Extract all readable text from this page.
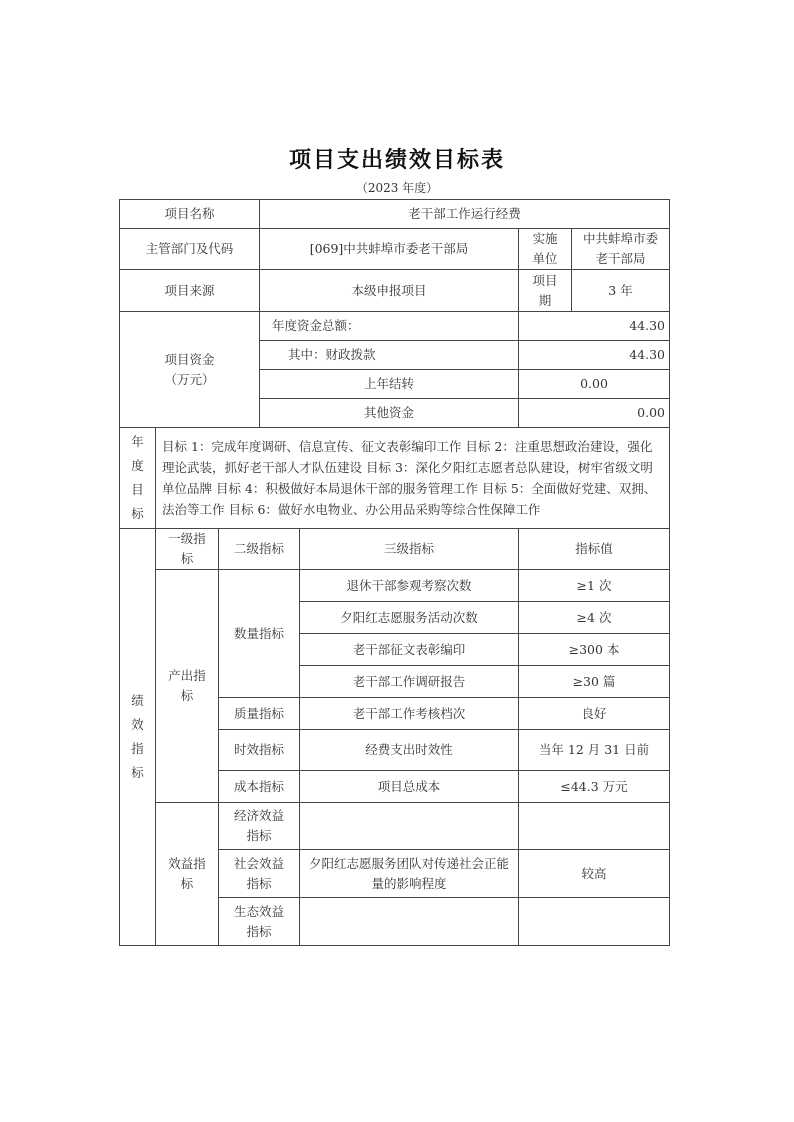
项目支出绩效目标表
（2023 年度）
项目名称			老干部工作运行经费			
主管部门及代码			[069]中共蚌埠市委老干部局		实施单位	中共蚌埠市委老干部局
项目来源			本级申报项目		项目期	3 年

项目资金
（万元）			年度资金总额：		44.30	
			其中：财政拨款		44.30	
			上年结转		0.00	
			其他资金		0.00	
年度目标	目标 1：完成年度调研、信息宣传、征文表彰编印工作 目标 2：注重思想政治建设，强化理论武装，抓好老干部人才队伍建设 目标 3：深化夕阳红志愿者总队建设，树牢省级文明单位品牌 目标 4：积极做好本局退休干部的服务管理工作 目标 5：全面做好党建、双拥、法治等工作 目标 6：做好水电物业、办公用品采购等综合性保障工作					
绩效指标	一级指标	二级指标		三级指标	指标值	
	产出指标	数量指标		退休干部参观考察次数	≥1 次	
				夕阳红志愿服务活动次数	≥4 次	
				老干部征文表彰编印	≥300 本	
				老干部工作调研报告	≥30 篇	
		质量指标		老干部工作考核档次	良好	
		时效指标		经费支出时效性	当年 12 月 31 日前	
		成本指标		项目总成本	≤44.3 万元	
	效益指标	经济效益指标				
		社会效益指标		夕阳红志愿服务团队对传递社会正能量的影响程度	较高	
		生态效益指标				
